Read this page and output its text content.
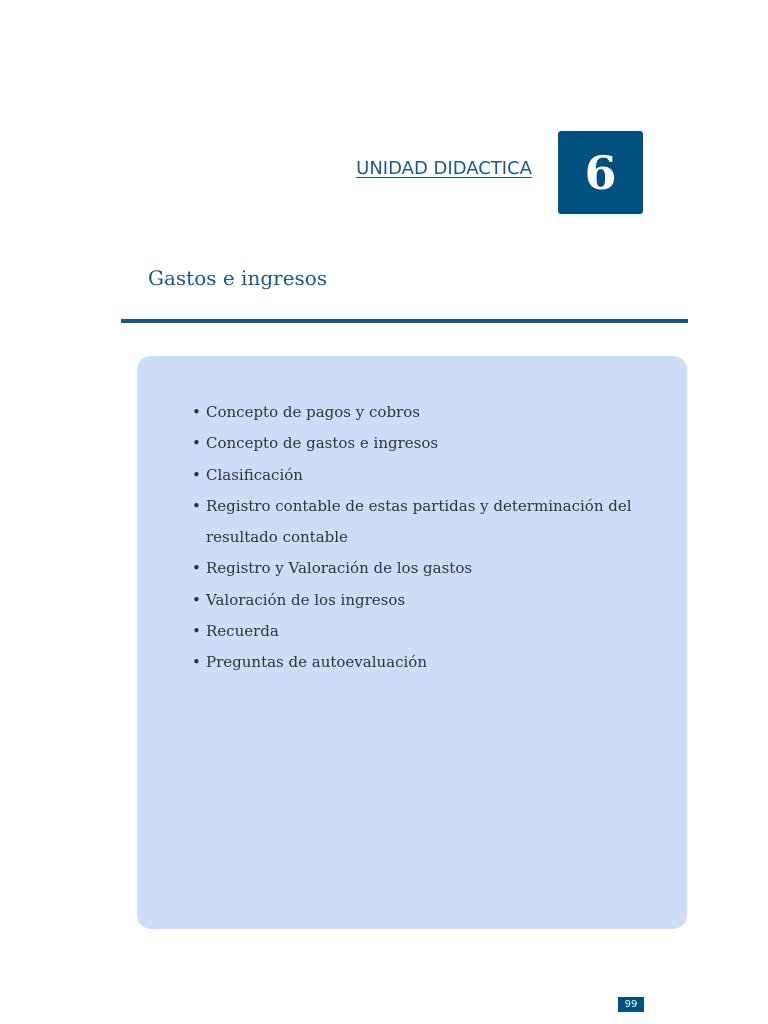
UNIDAD DIDACTICA 6
Gastos e ingresos
• Concepto de pagos y cobros
• Concepto de gastos e ingresos
• Clasificación
• Registro contable de estas partidas y determinación del resultado contable
• Registro y Valoración de los gastos
• Valoración de los ingresos
• Recuerda
• Preguntas de autoevaluación
99
